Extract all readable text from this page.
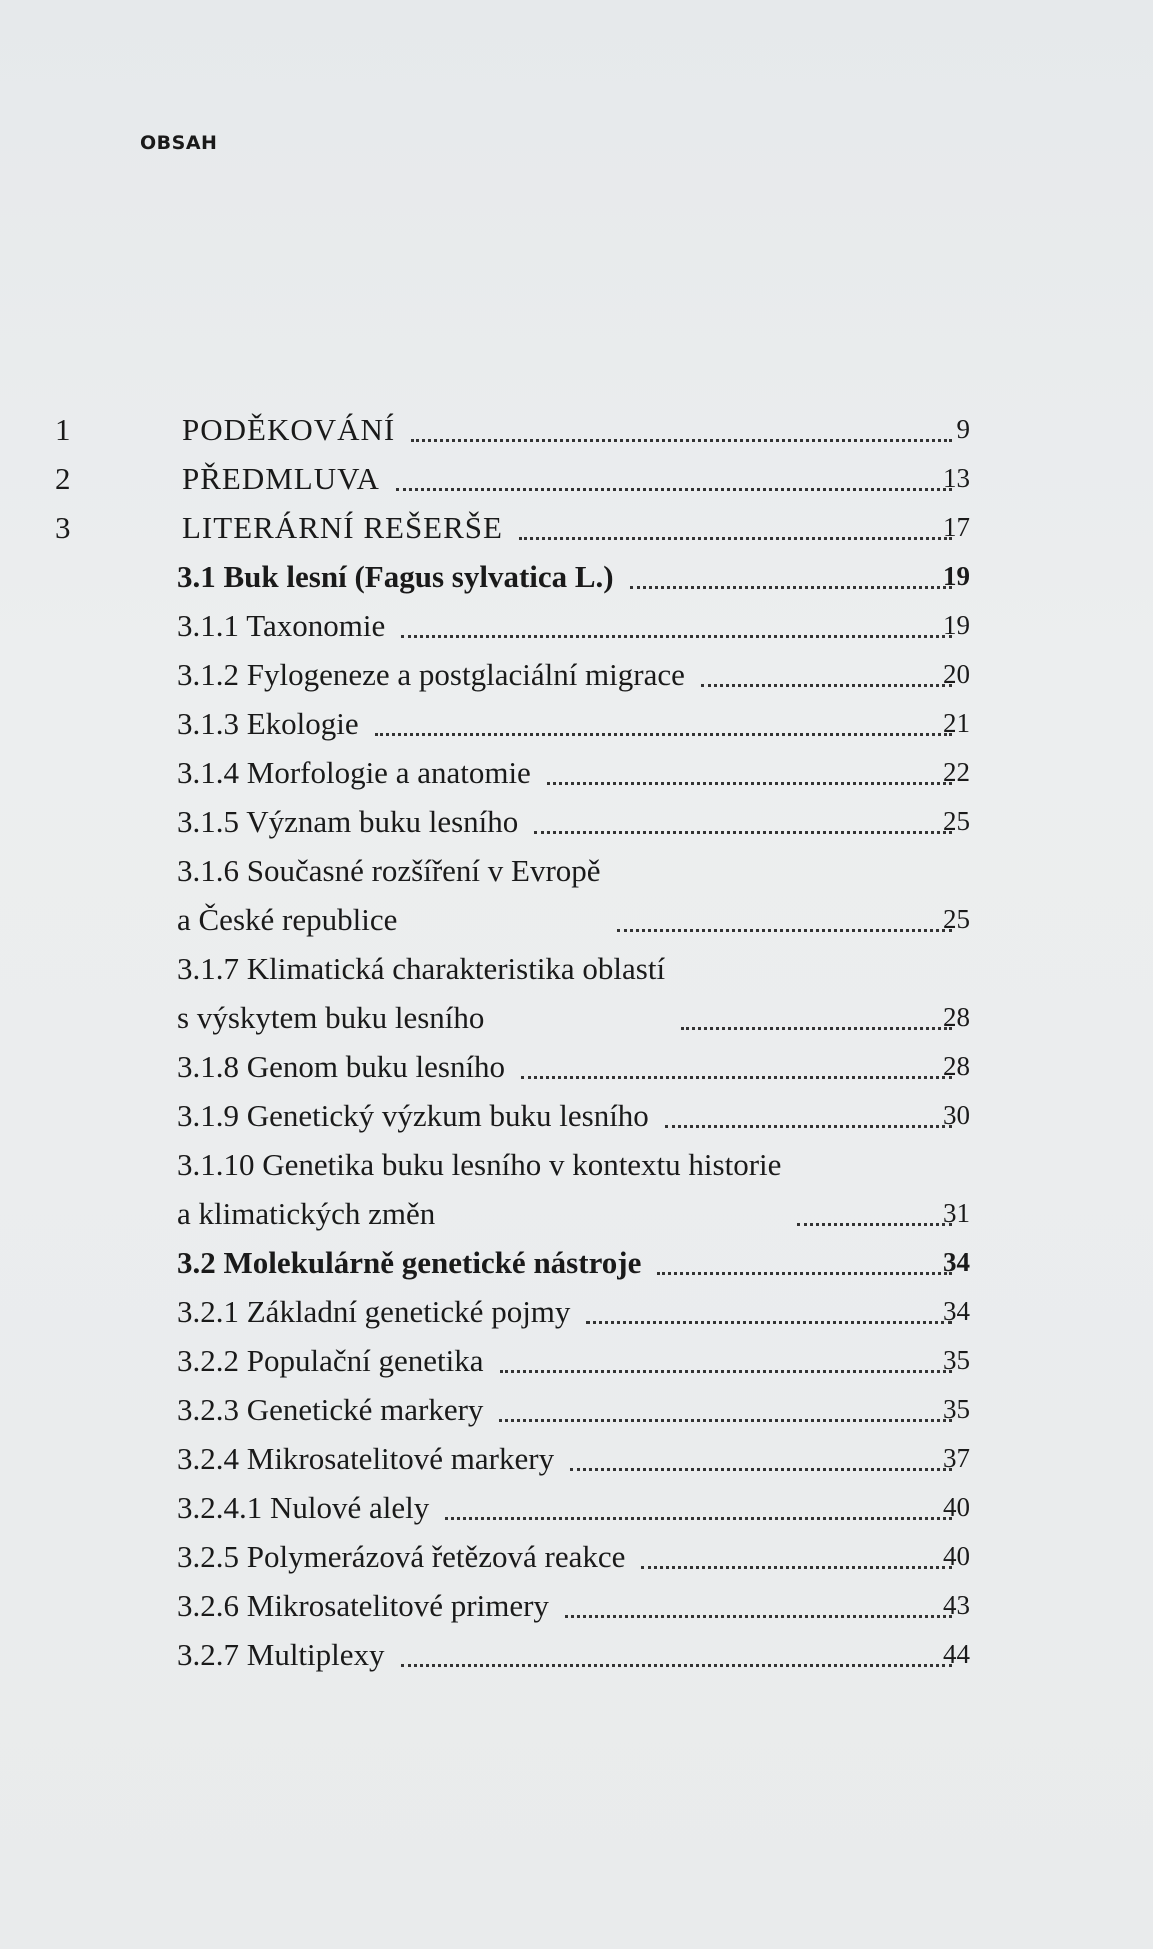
OBSAH
1	PODĚKOVÁNÍ	9
2	PŘEDMLUVA	13
3	LITERÁRNÍ REŠERŠE	17
3.1 Buk lesní (Fagus sylvatica L.)	19
3.1.1 Taxonomie	19
3.1.2 Fylogeneze a postglaciální migrace	20
3.1.3 Ekologie	21
3.1.4 Morfologie a anatomie	22
3.1.5 Význam buku lesního	25
3.1.6 Současné rozšíření v Evropě
a České republice	25
3.1.7 Klimatická charakteristika oblastí
s výskytem buku lesního	28
3.1.8 Genom buku lesního	28
3.1.9 Genetický výzkum buku lesního	30
3.1.10 Genetika buku lesního v kontextu historie
a klimatických změn	31
3.2 Molekulárně genetické nástroje	34
3.2.1 Základní genetické pojmy	34
3.2.2 Populační genetika	35
3.2.3 Genetické markery	35
3.2.4 Mikrosatelitové markery	37
3.2.4.1 Nulové alely	40
3.2.5 Polymerázová řetězová reakce	40
3.2.6 Mikrosatelitové primery	43
3.2.7 Multiplexy	44
